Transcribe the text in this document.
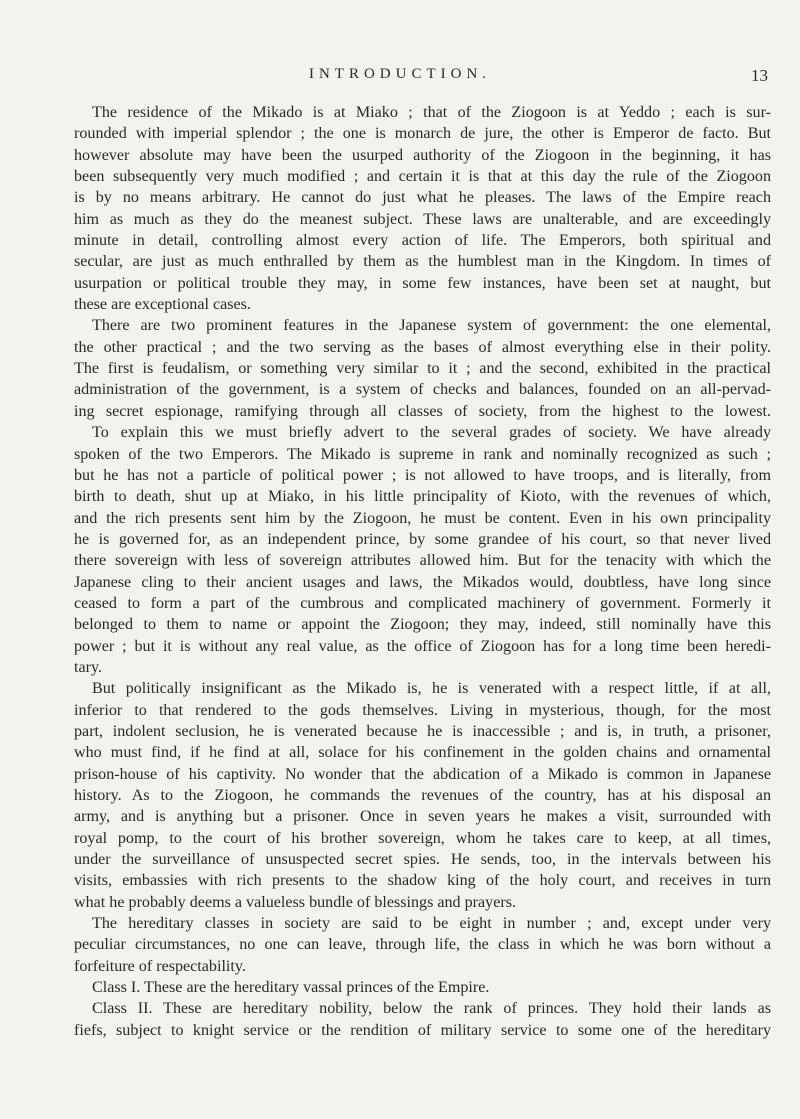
INTRODUCTION.	13
The residence of the Mikado is at Miako ; that of the Ziogoon is at Yeddo ; each is sur-
rounded with imperial splendor ; the one is monarch de jure, the other is Emperor de facto. But
however absolute may have been the usurped authority of the Ziogoon in the beginning, it has
been subsequently very much modified ; and certain it is that at this day the rule of the Ziogoon
is by no means arbitrary. He cannot do just what he pleases. The laws of the Empire reach
him as much as they do the meanest subject. These laws are unalterable, and are exceedingly
minute in detail, controlling almost every action of life. The Emperors, both spiritual and
secular, are just as much enthralled by them as the humblest man in the Kingdom. In times of
usurpation or political trouble they may, in some few instances, have been set at naught, but
these are exceptional cases.
There are two prominent features in the Japanese system of government: the one elemental,
the other practical ; and the two serving as the bases of almost everything else in their polity.
The first is feudalism, or something very similar to it ; and the second, exhibited in the practical
administration of the government, is a system of checks and balances, founded on an all-pervad-
ing secret espionage, ramifying through all classes of society, from the highest to the lowest.
To explain this we must briefly advert to the several grades of society. We have already
spoken of the two Emperors. The Mikado is supreme in rank and nominally recognized as such ;
but he has not a particle of political power ; is not allowed to have troops, and is literally, from
birth to death, shut up at Miako, in his little principality of Kioto, with the revenues of which,
and the rich presents sent him by the Ziogoon, he must be content. Even in his own principality
he is governed for, as an independent prince, by some grandee of his court, so that never lived
there sovereign with less of sovereign attributes allowed him. But for the tenacity with which the
Japanese cling to their ancient usages and laws, the Mikados would, doubtless, have long since
ceased to form a part of the cumbrous and complicated machinery of government. Formerly it
belonged to them to name or appoint the Ziogoon; they may, indeed, still nominally have this
power ; but it is without any real value, as the office of Ziogoon has for a long time been heredi-
tary.
But politically insignificant as the Mikado is, he is venerated with a respect little, if at all,
inferior to that rendered to the gods themselves. Living in mysterious, though, for the most
part, indolent seclusion, he is venerated because he is inaccessible ; and is, in truth, a prisoner,
who must find, if he find at all, solace for his confinement in the golden chains and ornamental
prison-house of his captivity. No wonder that the abdication of a Mikado is common in Japanese
history. As to the Ziogoon, he commands the revenues of the country, has at his disposal an
army, and is anything but a prisoner. Once in seven years he makes a visit, surrounded with
royal pomp, to the court of his brother sovereign, whom he takes care to keep, at all times,
under the surveillance of unsuspected secret spies. He sends, too, in the intervals between his
visits, embassies with rich presents to the shadow king of the holy court, and receives in turn
what he probably deems a valueless bundle of blessings and prayers.
The hereditary classes in society are said to be eight in number ; and, except under very
peculiar circumstances, no one can leave, through life, the class in which he was born without a
forfeiture of respectability.
Class I. These are the hereditary vassal princes of the Empire.
Class II. These are hereditary nobility, below the rank of princes. They hold their lands as
fiefs, subject to knight service or the rendition of military service to some one of the hereditary
